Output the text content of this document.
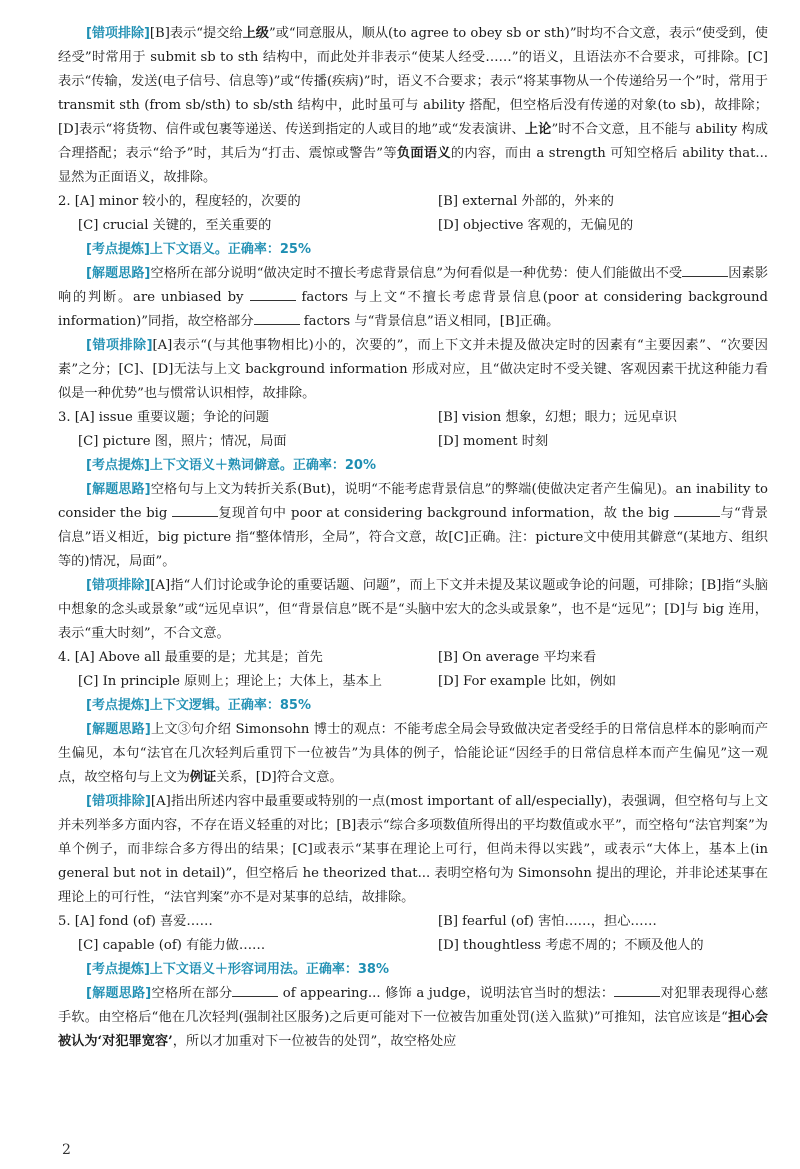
[错项排除][B]表示“提交给上级”或“同意服从，顺从(to agree to obey sb or sth)”时均不合文意，表示“使受到，使经受”时常用于 submit sb to sth 结构中，而此处并非表示“使某人经受……”的语义，且语法亦不合要求，可排除。[C]表示“传输，发送(电子信号、信息等)”或“传播(疾病)”时，语义不合要求；表示“将某事物从一个传递给另一个”时，常用于 transmit sth (from sb/sth) to sb/sth 结构中，此时虽可与 ability 搭配，但空格后没有传递的对象(to sb)，故排除；[D]表示“将货物、信件或包裹等递送、传送到指定的人或目的地”或“发表演讲、上论”时不合文意，且不能与 ability 构成合理搭配；表示“给予”时，其后为“打击、震惊或警告”等负面语义的内容，而由 a strength 可知空格后 ability that... 显然为正面语义，故排除。

2. [A] minor 较小的，程度轻的，次要的	[B] external 外部的，外来的
[C] crucial 关键的，至关重要的	[D] objective 客观的，无偏见的
[考点提炼]上下文语义。正确率：25%

[解题思路]空格所在部分说明“做决定时不擅长考虑背景信息”为何看似是一种优势：使人们能做出不受	因素影响的判断。are unbiased by	factors 与上文“不擅长考虑背景信息(poor at considering background information)”同指，故空格部分	factors 与“背景信息”语义相同，[B]正确。

[错项排除][A]表示“(与其他事物相比)小的，次要的”，而上下文并未提及做决定时的因素有“主要因素”、“次要因素”之分；[C]、[D]无法与上文 background information 形成对应，且“做决定时不受关键、客观因素干扰这种能力看似是一种优势”也与惯常认识相悖，故排除。

3. [A] issue 重要议题；争论的问题	[B] vision 想象，幻想；眼力；远见卓识
[C] picture 图，照片；情况，局面	[D] moment 时刻
[考点提炼]上下文语义＋熟词僻意。正确率：20%

[解题思路]空格句与上文为转折关系(But)，说明“不能考虑背景信息”的弊端(使做决定者产生偏见)。an inability to consider the big	复现首句中 poor at considering background information，故 the big	与“背景信息”语义相近，big picture 指“整体情形，全局”，符合文意，故[C]正确。注：picture文中使用其僻意“(某地方、组织等的)情况，局面”。

[错项排除][A]指“人们讨论或争论的重要话题、问题”，而上下文并未提及某议题或争论的问题，可排除；[B]指“头脑中想象的念头或景象”或“远见卓识”，但“背景信息”既不是“头脑中宏大的念头或景象”，也不是“远见”；[D]与 big 连用，表示“重大时刻”，不合文意。

4. [A] Above all 最重要的是；尤其是；首先	[B] On average 平均来看
[C] In principle 原则上；理论上；大体上，基本上	[D] For example 比如，例如
[考点提炼]上下文逻辑。正确率：85%

[解题思路]上文③句介绍 Simonsohn 博士的观点：不能考虑全局会导致做决定者受经手的日常信息样本的影响而产生偏见，本句“法官在几次轻判后重罚下一位被告”为具体的例子，恰能论证“因经手的日常信息样本而产生偏见”这一观点，故空格句与上文为例证关系，[D]符合文意。

[错项排除][A]指出所述内容中最重要或特别的一点(most important of all/especially)，表强调，但空格句与上文并未列举多方面内容，不存在语义轻重的对比；[B]表示“综合多项数值所得出的平均数值或水平”，而空格句“法官判案”为单个例子，而非综合多方得出的结果；[C]或表示“某事在理论上可行，但尚未得以实践”，或表示“大体上，基本上(in general but not in detail)”，但空格后 he theorized that... 表明空格句为 Simonsohn 提出的理论，并非论述某事在理论上的可行性，“法官判案”亦不是对某事的总结，故排除。

5. [A] fond (of) 喜爱……	[B] fearful (of) 害怕……，担心……
[C] capable (of) 有能力做……	[D] thoughtless 考虑不周的；不顾及他人的
[考点提炼]上下文语义＋形容词用法。正确率：38%

[解题思路]空格所在部分	of appearing... 修饰 a judge，说明法官当时的想法：	对犯罪表现得心慈手软。由空格后“他在几次轻判(强制社区服务)之后更可能对下一位被告加重处罚(送入监狱)”可推知，法官应该是“担心会被认为‘对犯罪宽容’，所以才加重对下一位被告的处罚”，故空格处应

2
